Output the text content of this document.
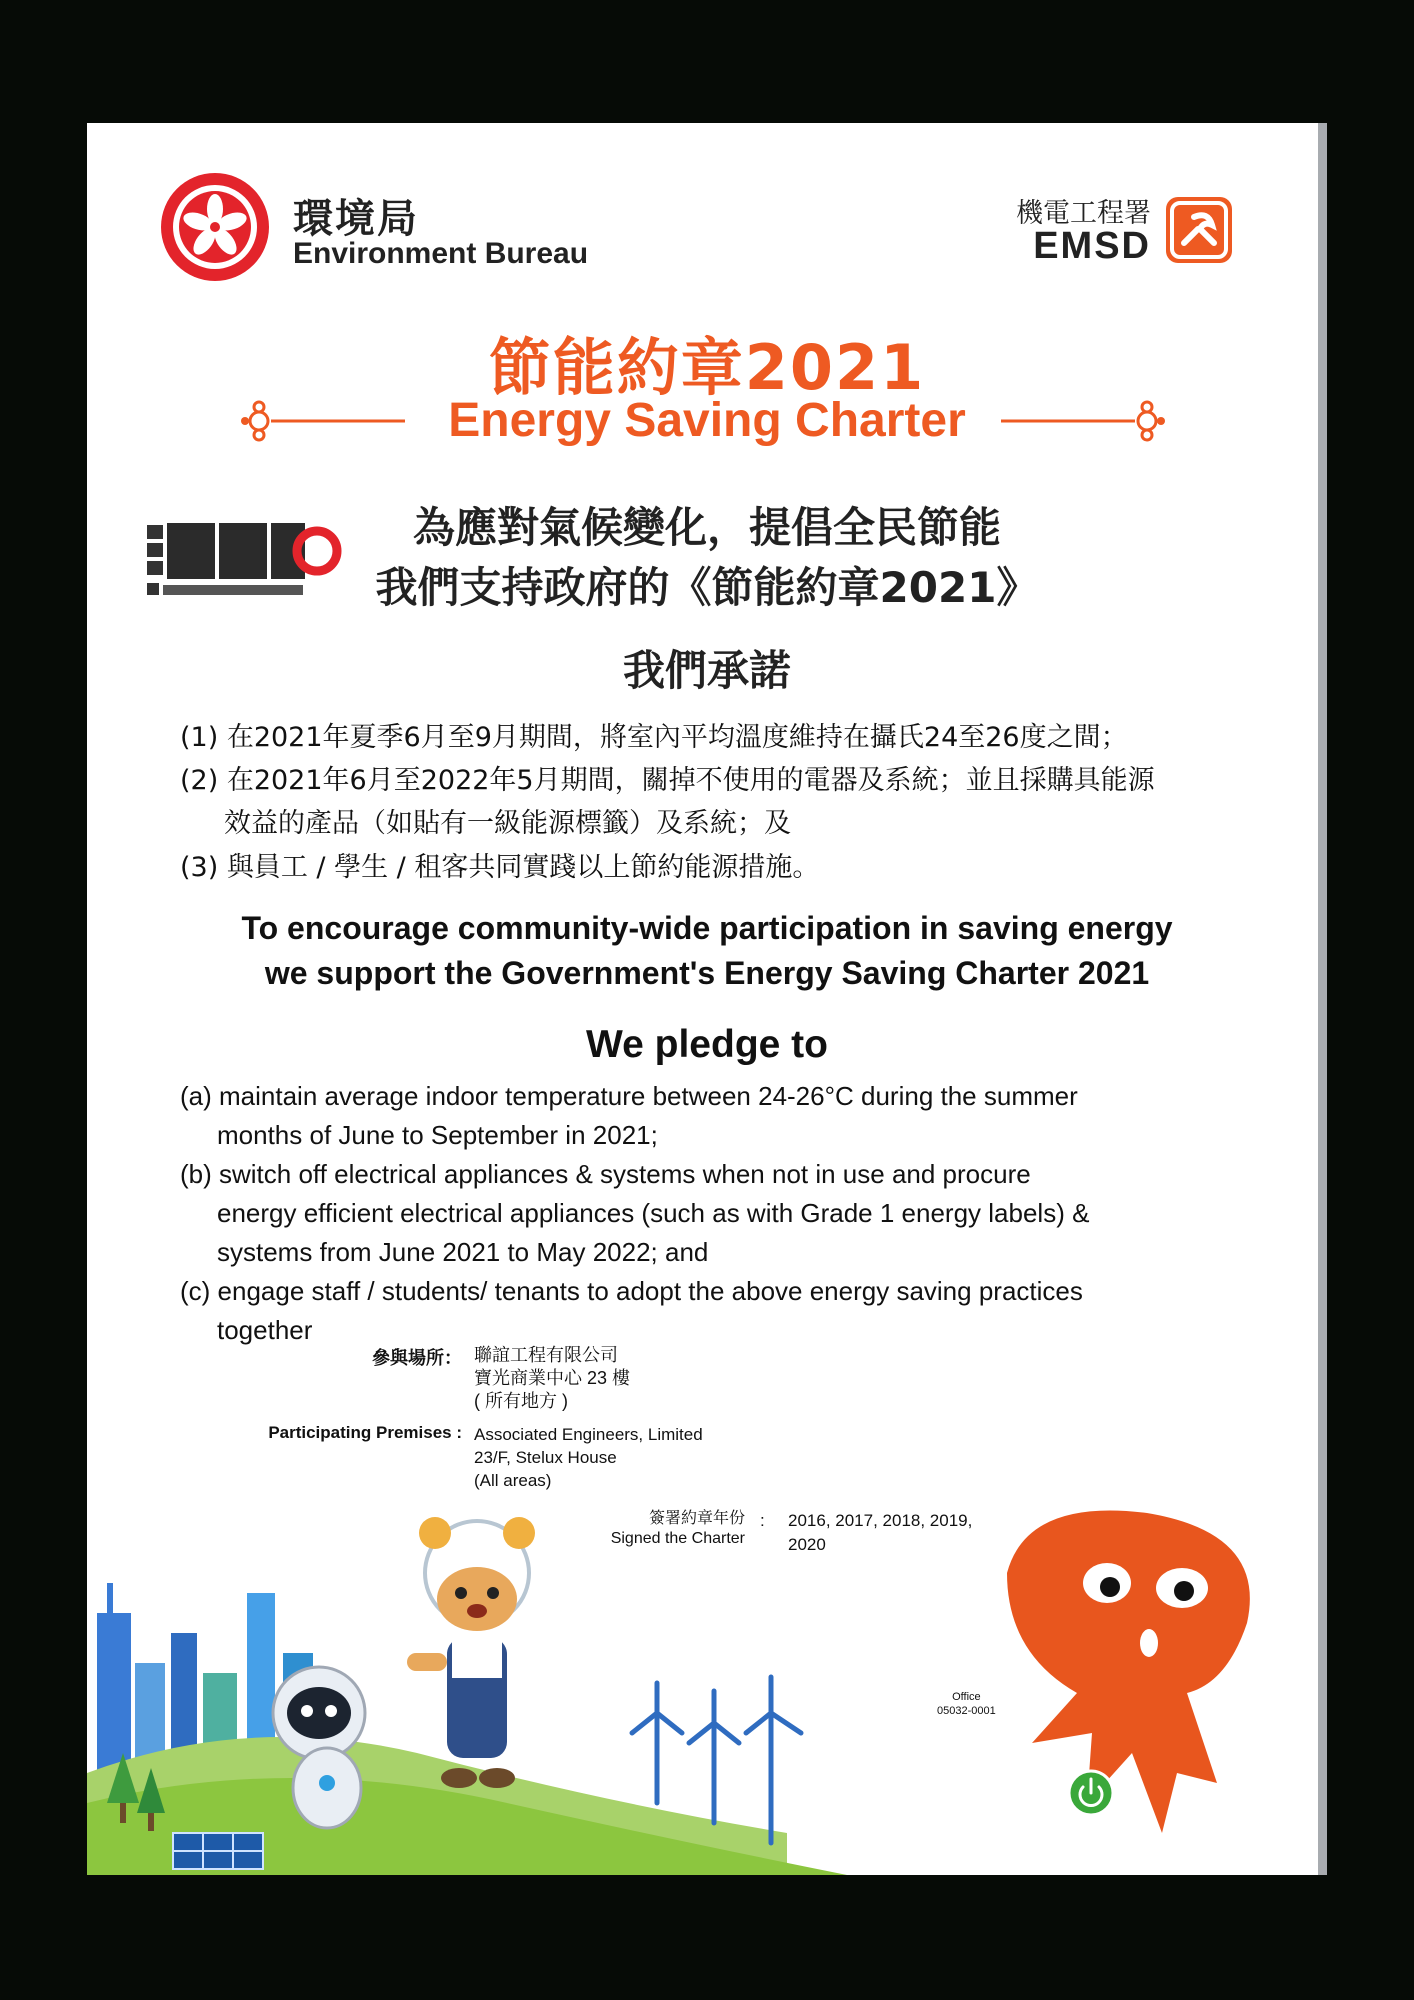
環境局
Environment Bureau
機電工程署
EMSD
節能約章2021
Energy Saving Charter
為應對氣候變化，提倡全民節能
我們支持政府的《節能約章2021》
我們承諾
(1) 在2021年夏季6月至9月期間，將室內平均溫度維持在攝氏24至26度之間；
(2) 在2021年6月至2022年5月期間，關掉不使用的電器及系統；並且採購具能源
效益的產品（如貼有一級能源標籤）及系統；及
(3) 與員工 / 學生 / 租客共同實踐以上節約能源措施。
To encourage community-wide participation in saving energy
we support the Government's Energy Saving Charter 2021
We pledge to
(a) maintain average indoor temperature between 24-26°C during the summer
months of June to September in 2021;
(b) switch off electrical appliances & systems when not in use and procure
energy efficient electrical appliances (such as with Grade 1 energy labels) &
systems from June 2021 to May 2022; and
(c) engage staff / students/ tenants to adopt the above energy saving practices
together
參與場所： 聯誼工程有限公司
寶光商業中心 23 樓
( 所有地方 )
Participating Premises : Associated Engineers, Limited
23/F, Stelux House
(All areas)
簽署約章年份
Signed the Charter
: 2016, 2017, 2018, 2019,
2020
Office
05032-0001
